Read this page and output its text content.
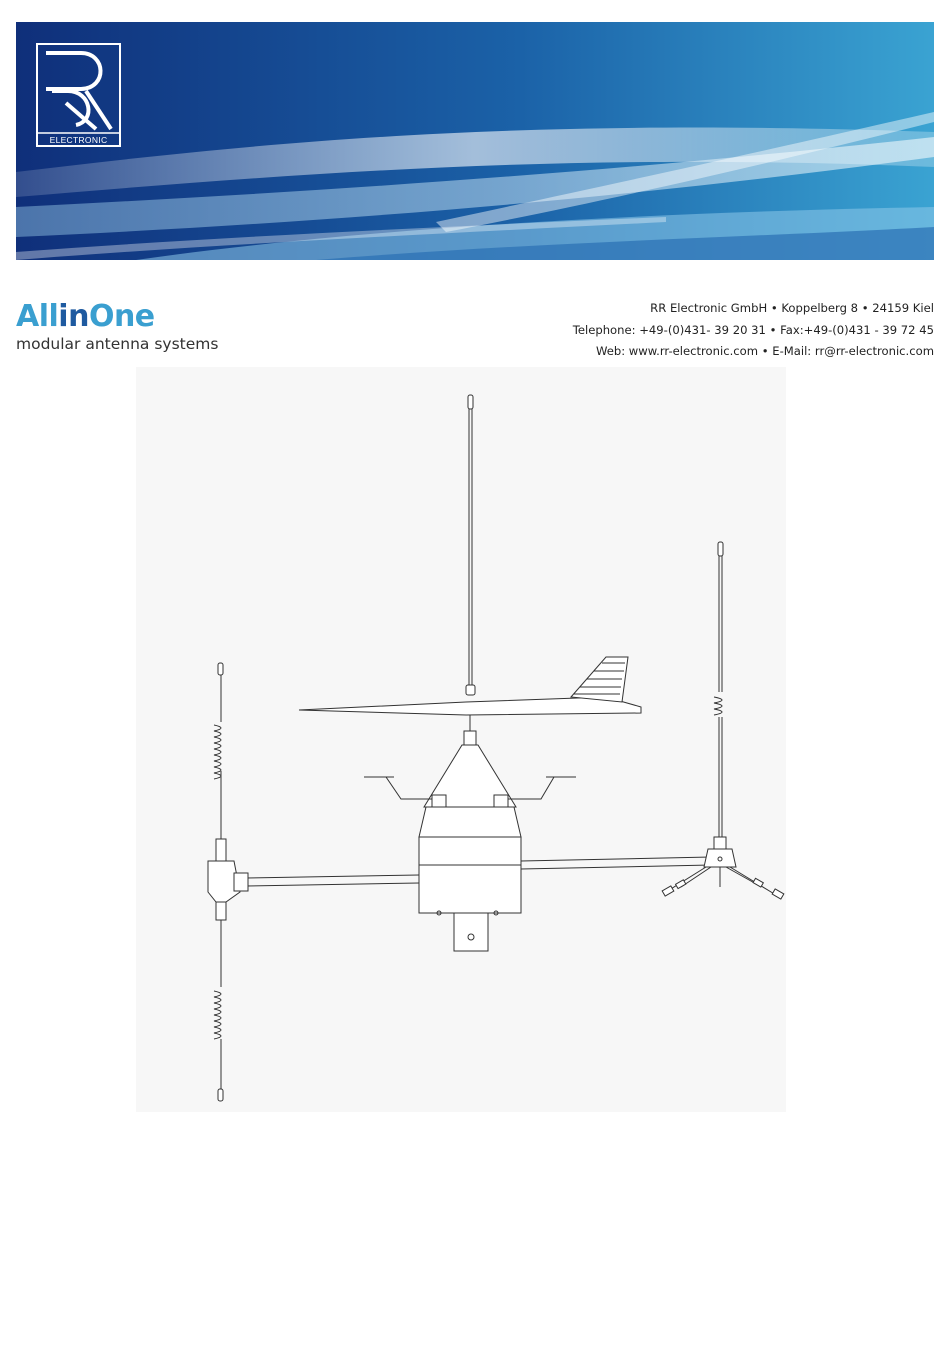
ELECTRONIC
AllinOne
modular antenna systems
RR Electronic GmbH • Koppelberg 8 • 24159 Kiel
Telephone: +49-(0)431- 39 20 31 • Fax:+49-(0)431 - 39 72 45
Web: www.rr-electronic.com • E-Mail: rr@rr-electronic.com
